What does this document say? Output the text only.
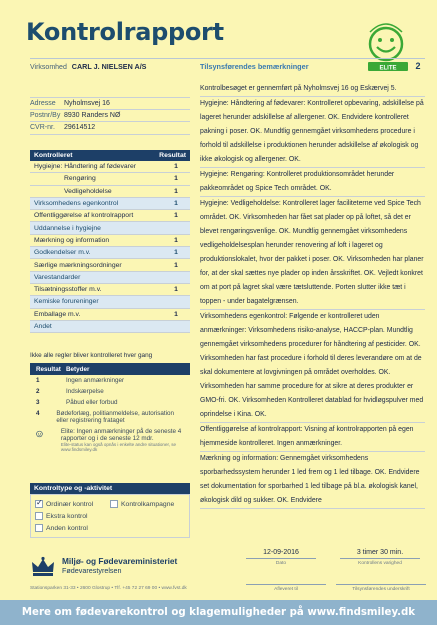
Kontrolrapport
ELITE 2
Virksomhed CARL J. NIELSEN A/S	Tilsynsførendes bemærkninger
Adresse	Nyholmsvej 16
Postnr/By 8930 Randers NØ
CVR-nr.	29614512
Kontrolleret	Resultat
Hygiejne: Håndtering af fødevarer	1
Rengøring	1
Vedligeholdelse	1
Virksomhedens egenkontrol	1
Offentliggørelse af kontrolrapport	1
Uddannelse i hygiejne
Mærkning og information	1
Godkendelser m.v.	1
Særlige mærkningsordninger	1
Varestandarder
Tilsætningsstoffer m.v.	1
Kemiske forureninger
Emballage m.v.	1
Andet
Ikke alle regler bliver kontrolleret hver gang
Resultat Betyder
1	Ingen anmærkninger
2	Indskærpelse
3	Påbud eller forbud
4	Bødeforlæg, politianmeldelse, autorisation eller registrering frataget
Elite: Ingen anmærkninger på de seneste 4 rapporter og i de seneste 12 mdr.
Elite-status kan også opnås i enkelte andre situationer, se www.findsmiley.dk
Kontroltype og -aktivitet
✓
Ordinær kontrol	Kontrolkampagne
Ekstra kontrol
Anden kontrol

Kontrolbesøget er gennemført på Nyholmsvej 16 og Eskærvej 5.

Hygiejne: Håndtering af fødevarer: Kontrolleret opbevaring, adskillelse på lageret herunder adskillelse af allergener. OK. Endvidere kontrolleret pakning i poser. OK. Mundtlig gennemgået virksomhedens procedure i forhold til adskillelse i produktionen herunder adskillelse af økologisk og ikke økologisk og allergener. OK.

Hygiejne: Rengøring: Kontrolleret produktionsområdet herunder pakkeområdet og Spice Tech området. OK.

Hygiejne: Vedligeholdelse: Kontrolleret lager faciliteterne ved Spice Tech området. OK. Virksomheden har fået sat plader op på loftet, så det er blevet rengøringsvenlige. OK. Mundtlig gennemgået virksomhedens vedligeholdelsesplan herunder renovering af loft i lageret og produktionslokalet, hvor der pakket i poser. OK. Virksomheden har planer for, at der skal sættes nye plader op inden årsskriftet. OK. Vejledt konkret om at port på lagret skal være tætsluttende. Porten slutter ikke tæt i toppen - under bagatelgrænsen.

Virksomhedens egenkontrol: Følgende er kontrolleret uden anmærkninger: Virksomhedens risiko-analyse, HACCP-plan. Mundtlig gennemgået virksomhedens procedurer for håndtering af pesticider. OK. Virksomheden har fast procedure i forhold til deres leverandøre om at de skal dokumentere at lovgivningen på området overholdes. OK. Virksomheden har samme procedure for at sikre at deres produkter er GMO-fri. OK. Virksomheden Kontrolleret datablad for hvidløgspulver med oprindelse i Kina. OK.

Offentliggørelse af kontrolrapport: Visning af kontrolrapporten på egen hjemmeside kontrolleret. Ingen anmærkninger.

Mærkning og information: Gennemgået virksomhedens sporbarhedssystem herunder 1 led frem og 1 led tilbage. OK. Endvidere set dokumentation for sporbarhed 1 led tilbage på bl.a. økologisk kanel, økologisk dild og sukker. OK. Endvidere

12-09-2016
Dato
3 timer 30 min.
Kontrollens varighed
Afleveret til	Tilsynsførendes underskrift
Miljø- og Fødevareministeriet
Fødevarestyrelsen
Stationsparken 31-33 • 2600 Glostrup • Tlf. +45 72 27 69 00 • www.fvst.dk
Mere om fødevarekontrol og klagemuligheder på www.findsmiley.dk
